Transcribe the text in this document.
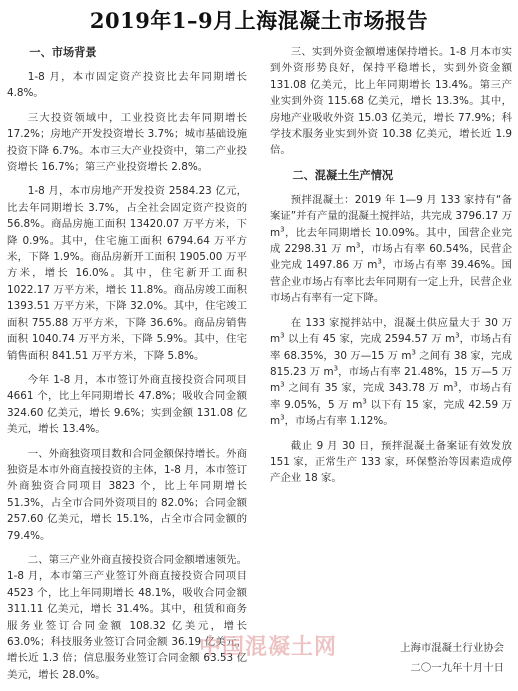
2019年1–9月上海混凝土市场报告
一、市场背景

1-8 月，本市固定资产投资比去年同期增长 4.8%。

三大投资领域中，工业投资比去年同期增长 17.2%；房地产开发投资增长 3.7%；城市基础设施投资下降 6.7%。本市三大产业投资中，第二产业投资增长 16.7%；第三产业投资增长 2.8%。

1-8 月，本市房地产开发投资 2584.23 亿元，比去年同期增长 3.7%，占全社会固定资产投资的 56.8%。商品房施工面积 13420.07 万平方米，下降 0.9%。其中，住宅施工面积 6794.64 万平方米，下降 1.9%。商品房新开工面积 1905.00 万平方米，增长 16.0%。其中，住宅新开工面积 1022.17 万平方米，增长 11.8%。商品房竣工面积 1393.51 万平方米，下降 32.0%。其中，住宅竣工面积 755.88 万平方米，下降 36.6%。商品房销售面积 1040.74 万平方米，下降 5.9%。其中，住宅销售面积 841.51 万平方米，下降 5.8%。

今年 1-8 月，本市签订外商直接投资合同项目 4661 个，比上年同期增长 47.8%；吸收合同金额 324.60 亿美元，增长 9.6%；实到金额 131.08 亿美元，增长 13.4%。

一、外商独资项目数和合同金额保持增长。外商独资是本市外商直接投资的主体，1-8 月，本市签订外商独资合同项目 3823 个，比上年同期增长 51.3%，占全市合同外资项目的 82.0%；合同金额 257.60 亿美元，增长 15.1%，占全市合同金额的 79.4%。

二、第三产业外商直接投资合同金额增速领先。1-8 月，本市第三产业签订外商直接投资合同项目 4523 个，比上年同期增长 48.1%，吸收合同金额 311.11 亿美元，增长 31.4%。其中，租赁和商务服务业签订合同金额 108.32 亿美元，增长 63.0%；科技服务业签订合同金额 36.19 亿美元，增长近 1.3 倍；信息服务业签订合同金额 63.53 亿美元，增长 28.0%。

三、实到外资金额增速保持增长。1-8 月本市实到外资形势良好，保持平稳增长，实到外资金额 131.08 亿美元，比上年同期增长 13.4%。第三产业实到外资 115.68 亿美元，增长 13.3%。其中，房地产业吸收外资 15.03 亿美元，增长 77.9%；科学技术服务业实到外资 10.38 亿美元，增长近 1.9 倍。

二、混凝土生产情况

预拌混凝土：2019 年 1—9 月 133 家持有“备案证”并有产量的混凝土搅拌站，共完成 3796.17 万 $m^3$，比去年同期增长 10.09%。其中，国营企业完成 2298.31 万 $m^3$，市场占有率 60.54%，民营企业完成 1497.86 万 $m^3$，市场占有率 39.46%。国营企业市场占有率比去年同期有一定上升，民营企业市场占有率有一定下降。

在 133 家搅拌站中，混凝土供应量大于 30 万 $m^3$ 以上有 45 家，完成 2594.57 万 $m^3$，市场占有率 68.35%，30 万—15 万 $m^3$ 之间有 38 家，完成 815.23 万 $m^3$，市场占有率 21.48%，15 万—5 万 $m^3$ 之间有 35 家，完成 343.78 万 $m^3$，市场占有率 9.05%，5 万 $m^3$ 以下有 15 家，完成 42.59 万 $m^3$，市场占有率 1.12%。

截止 9 月 30 日，预拌混凝土备案证有效发放 151 家，正常生产 133 家，环保整治等因素造成停产企业 18 家。

上海市混凝土行业协会
二〇一九年十月十日
中国混凝土网
